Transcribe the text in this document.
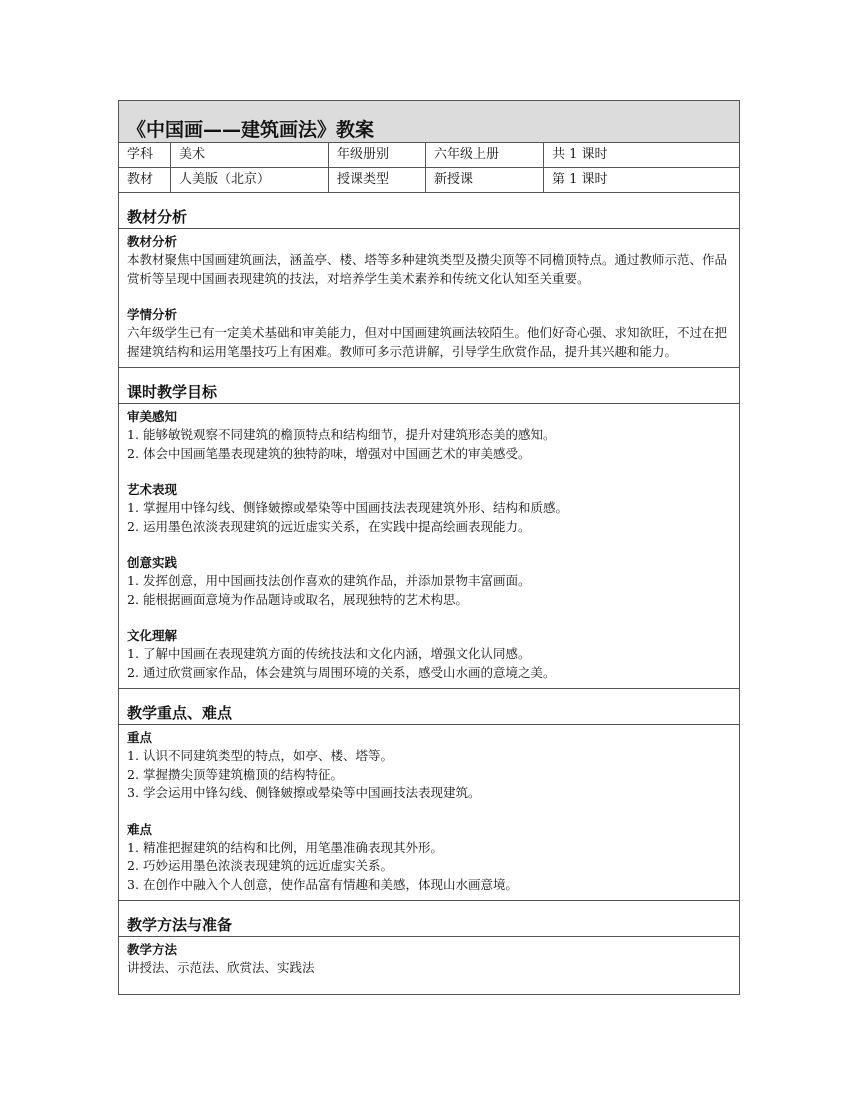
《中国画——建筑画法》教案
学科	美术	年级册别	六年级上册	共 1 课时
教材	人美版（北京）	授课类型	新授课	第 1 课时
教材分析
教材分析
本教材聚焦中国画建筑画法，涵盖亭、楼、塔等多种建筑类型及攒尖顶等不同檐顶特点。通过教师示范、作品赏析等呈现中国画表现建筑的技法，对培养学生美术素养和传统文化认知至关重要。
学情分析
六年级学生已有一定美术基础和审美能力，但对中国画建筑画法较陌生。他们好奇心强、求知欲旺，不过在把握建筑结构和运用笔墨技巧上有困难。教师可多示范讲解，引导学生欣赏作品，提升其兴趣和能力。
课时教学目标
审美感知
1. 能够敏锐观察不同建筑的檐顶特点和结构细节，提升对建筑形态美的感知。
2. 体会中国画笔墨表现建筑的独特韵味，增强对中国画艺术的审美感受。
艺术表现
1. 掌握用中锋勾线、侧锋皴擦或晕染等中国画技法表现建筑外形、结构和质感。
2. 运用墨色浓淡表现建筑的远近虚实关系，在实践中提高绘画表现能力。
创意实践
1. 发挥创意，用中国画技法创作喜欢的建筑作品，并添加景物丰富画面。
2. 能根据画面意境为作品题诗或取名，展现独特的艺术构思。
文化理解
1. 了解中国画在表现建筑方面的传统技法和文化内涵，增强文化认同感。
2. 通过欣赏画家作品，体会建筑与周围环境的关系，感受山水画的意境之美。
教学重点、难点
重点
1. 认识不同建筑类型的特点，如亭、楼、塔等。
2. 掌握攒尖顶等建筑檐顶的结构特征。
3. 学会运用中锋勾线、侧锋皴擦或晕染等中国画技法表现建筑。
难点
1. 精准把握建筑的结构和比例，用笔墨准确表现其外形。
2. 巧妙运用墨色浓淡表现建筑的远近虚实关系。
3. 在创作中融入个人创意，使作品富有情趣和美感，体现山水画意境。
教学方法与准备
教学方法
讲授法、示范法、欣赏法、实践法
